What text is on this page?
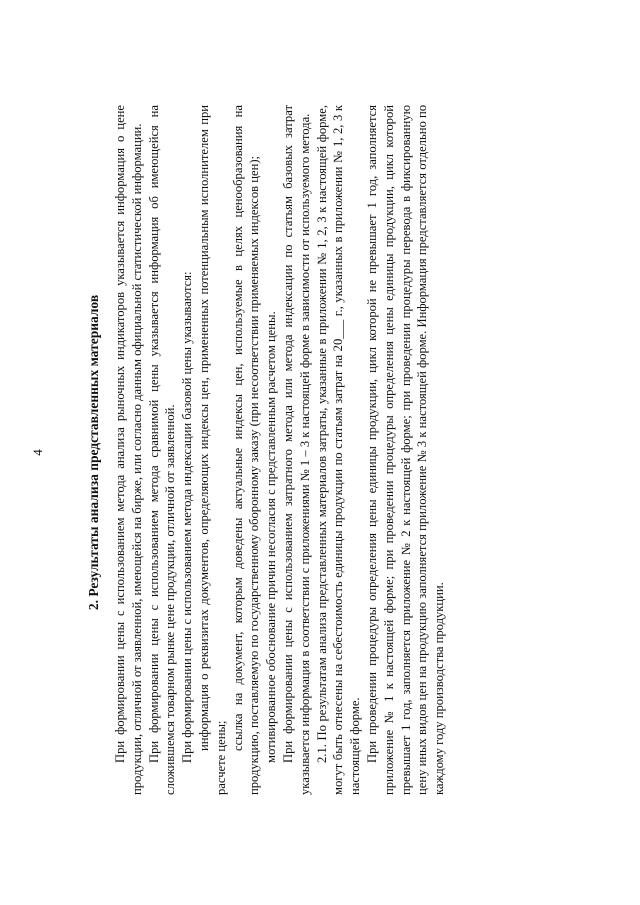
4	2. Результаты анализа представленных материалов При формировании цены с использованием метода анализа рыночных индикаторов указывается информация о цене продукции, отличной от заявленной, имеющейся на бирже, или согласно данным официальной статистической информации. При формировании цены с использованием метода сравнимой цены указывается информация об имеющейся на сложившемся товарном рынке цене продукции, отличной от заявленной. При формировании цены с использованием метода индексации базовой цены указываются: информация о реквизитах документов, определяющих индексы цен, примененных потенциальным исполнителем при расчете цены;

ссылка на документ, которым доведены актуальные индексы цен, используемые в целях ценообразования на продукцию, поставляемую по государственному оборонному заказу (при несоответствии применяемых индексов цен); мотивированное обоснование причин несогласия с представленным расчетом цены. При формировании цены с использованием затратного метода или метода индексации по статьям базовых затрат указывается информация в соответствии с приложениями № 1 – 3 к настоящей форме в зависимости от используемого метода. 2.1. По результатам анализа представленных материалов затраты, указанные в приложении № 1, 2, 3 к настоящей форме, могут быть отнесены на себестоимость единицы продукции по статьям затрат на 20___ г., указанных в приложении № 1, 2, 3 к настоящей форме. При проведении процедуры определения цены единицы продукции, цикл которой не превышает 1 год, заполняется приложение № 1 к настоящей форме; при проведении процедуры определения цены единицы продукции, цикл которой превышает 1 год, заполняется приложение № 2 к настоящей форме; при проведении процедуры перевода в фиксированную цену иных видов цен на продукцию заполняется приложение № 3 к настоящей форме. Информация представляется отдельно по каждому году производства продукции.
